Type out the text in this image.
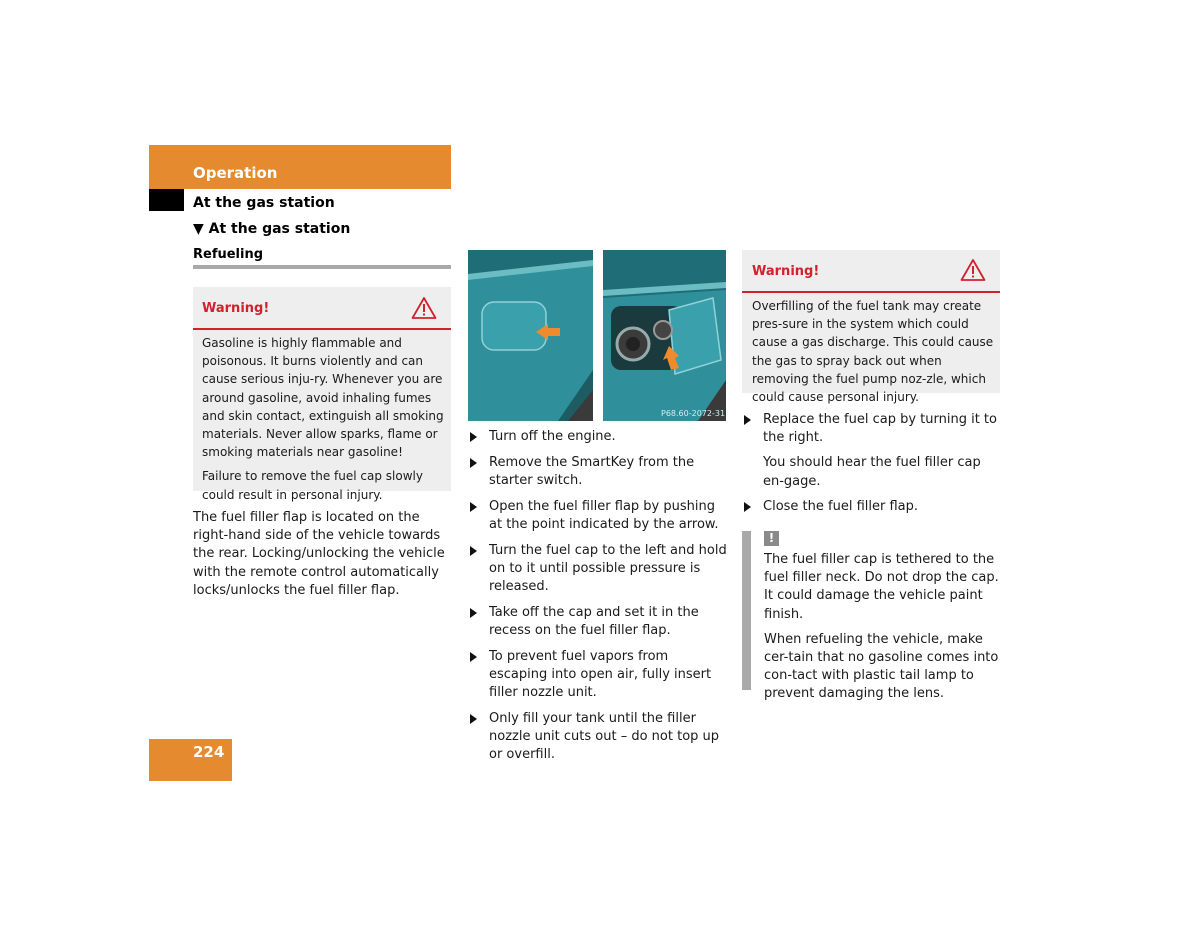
Operation
At the gas station
▼ At the gas station
Refueling
Warning!

Gasoline is highly flammable and poisonous. It burns violently and can cause serious inju-ry. Whenever you are around gasoline, avoid inhaling fumes and skin contact, extinguish all smoking materials. Never allow sparks, flame or smoking materials near gasoline!

Failure to remove the fuel cap slowly could result in personal injury.

The fuel filler flap is located on the right-hand side of the vehicle towards the rear. Locking/unlocking the vehicle with the remote control automatically locks/unlocks the fuel filler flap.
P68.60-2072-31
Turn off the engine.
Remove the SmartKey from the starter switch.
Open the fuel filler flap by pushing at the point indicated by the arrow.
Turn the fuel cap to the left and hold on to it until possible pressure is released.
Take off the cap and set it in the recess on the fuel filler flap.
To prevent fuel vapors from escaping into open air, fully insert filler nozzle unit.
Only fill your tank until the filler nozzle unit cuts out – do not top up or overfill.
Warning!
Overfilling of the fuel tank may create pres-sure in the system which could cause a gas discharge. This could cause the gas to spray back out when removing the fuel pump noz-zle, which could cause personal injury.
Replace the fuel cap by turning it to the right.
You should hear the fuel filler cap en-gage.
Close the fuel filler flap.
!
The fuel filler cap is tethered to the fuel filler neck. Do not drop the cap. It could damage the vehicle paint finish.
When refueling the vehicle, make cer-tain that no gasoline comes into con-tact with plastic tail lamp to prevent damaging the lens.
224
